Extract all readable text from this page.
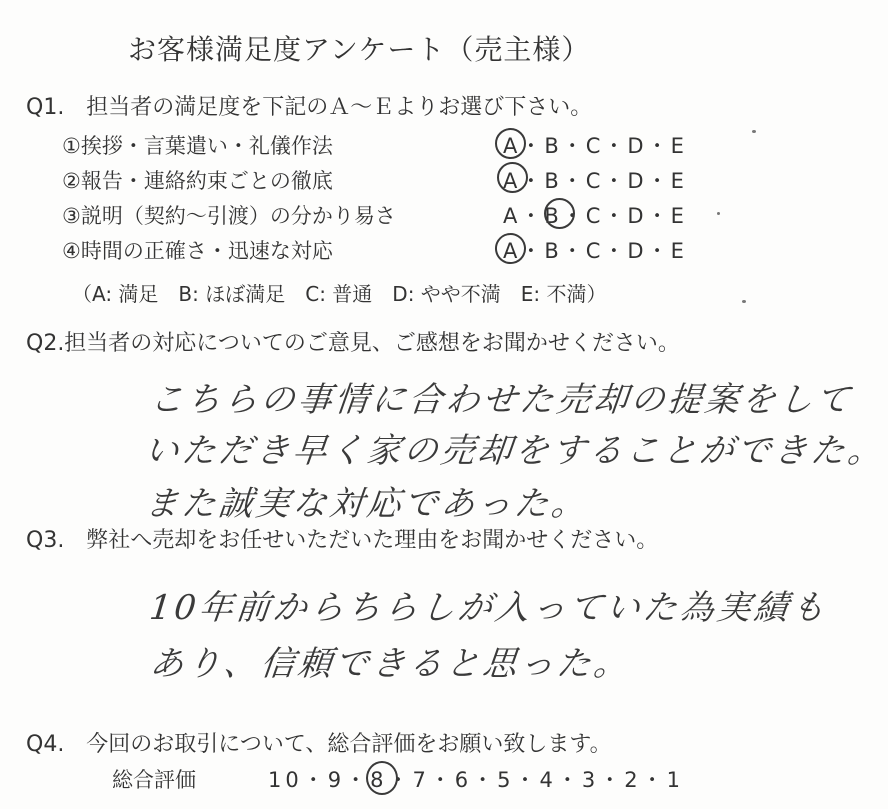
お客様満足度アンケート（売主様）
Q1.　担当者の満足度を下記のＡ～Ｅよりお選び下さい。
①挨拶・言葉遣い・礼儀作法	A・B・C・D・E
②報告・連絡約束ごとの徹底	A・B・C・D・E
③説明（契約～引渡）の分かり易さ	A・B・C・D・E
④時間の正確さ・迅速な対応	A・B・C・D・E
（A: 満足　B: ほぼ満足　C: 普通　D: やや不満　E: 不満）
Q2.担当者の対応についてのご意見、ご感想をお聞かせください。
こちらの事情に合わせた売却の提案をして
いただき早く家の売却をすることができた。
また誠実な対応であった。
Q3.　弊社へ売却をお任せいただいた理由をお聞かせください。
10年前からちらしが入っていた為実績も
あり、信頼できると思った。
Q4.　今回のお取引について、総合評価をお願い致します。
総合評価	10・9・8・7・6・5・4・3・2・1
